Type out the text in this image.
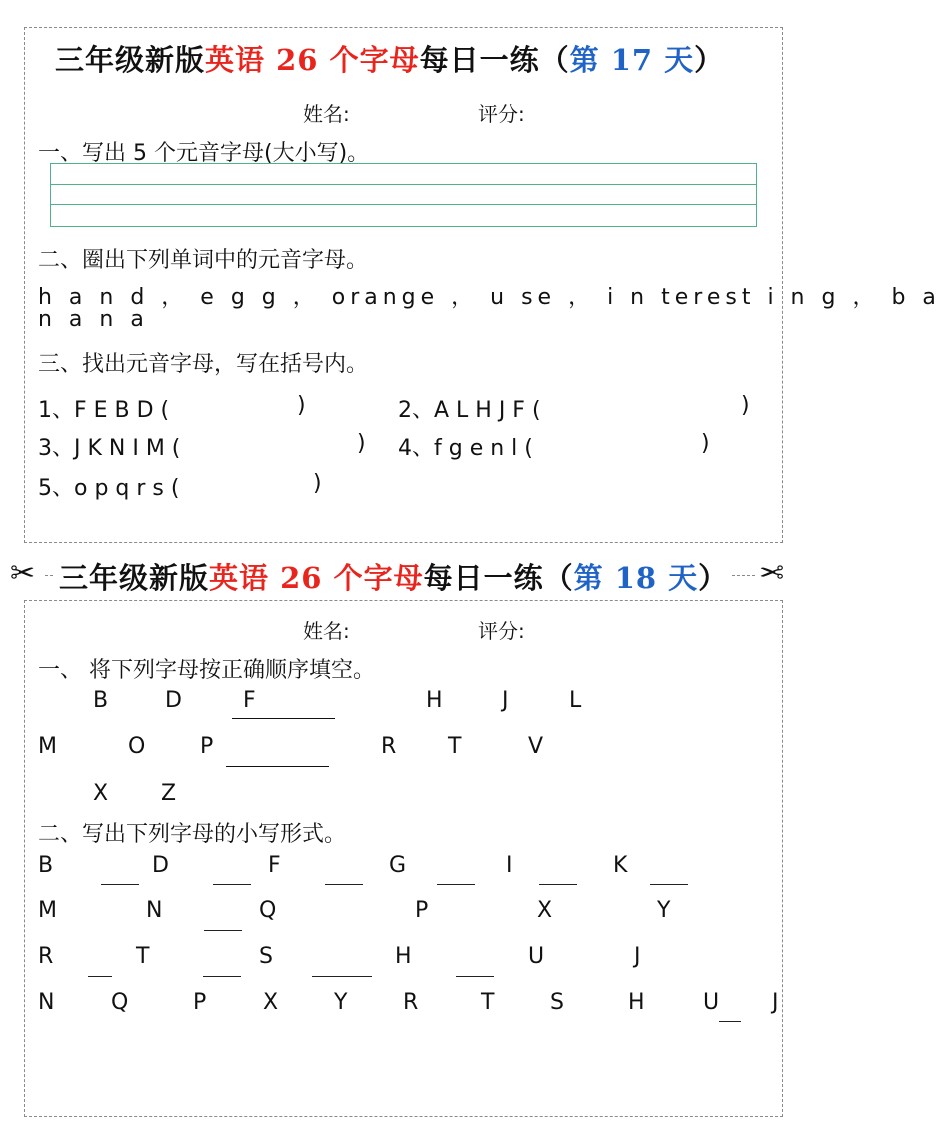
三年级新版英语 26 个字母每日一练（第 17 天）
姓名:	评分:
一、写出 5 个元音字母(大小写)。
二、圈出下列单词中的元音字母。
h a n d ， e g g ， orange ， u se ， i n terest i n g ， b a
n a n a
三、找出元音字母，写在括号内。
1、F E B D (	)	2、A L H J F (	)
3、J K N I M (	) 4、f g e n l (	)
5、o p q r s (	)
✂	✂
三年级新版英语 26 个字母每日一练（第 18 天）
姓名:	评分:
一、 将下列字母按正确顺序填空。
B	D	F	H	J	L
M	O P	R T	V
X Z
二、写出下列字母的小写形式。
B	D	F	G	I	K
M	N	Q	P	X	Y
R	T	S	H	U	J
N	Q	P	X	Y	R	T	S	H	U J
